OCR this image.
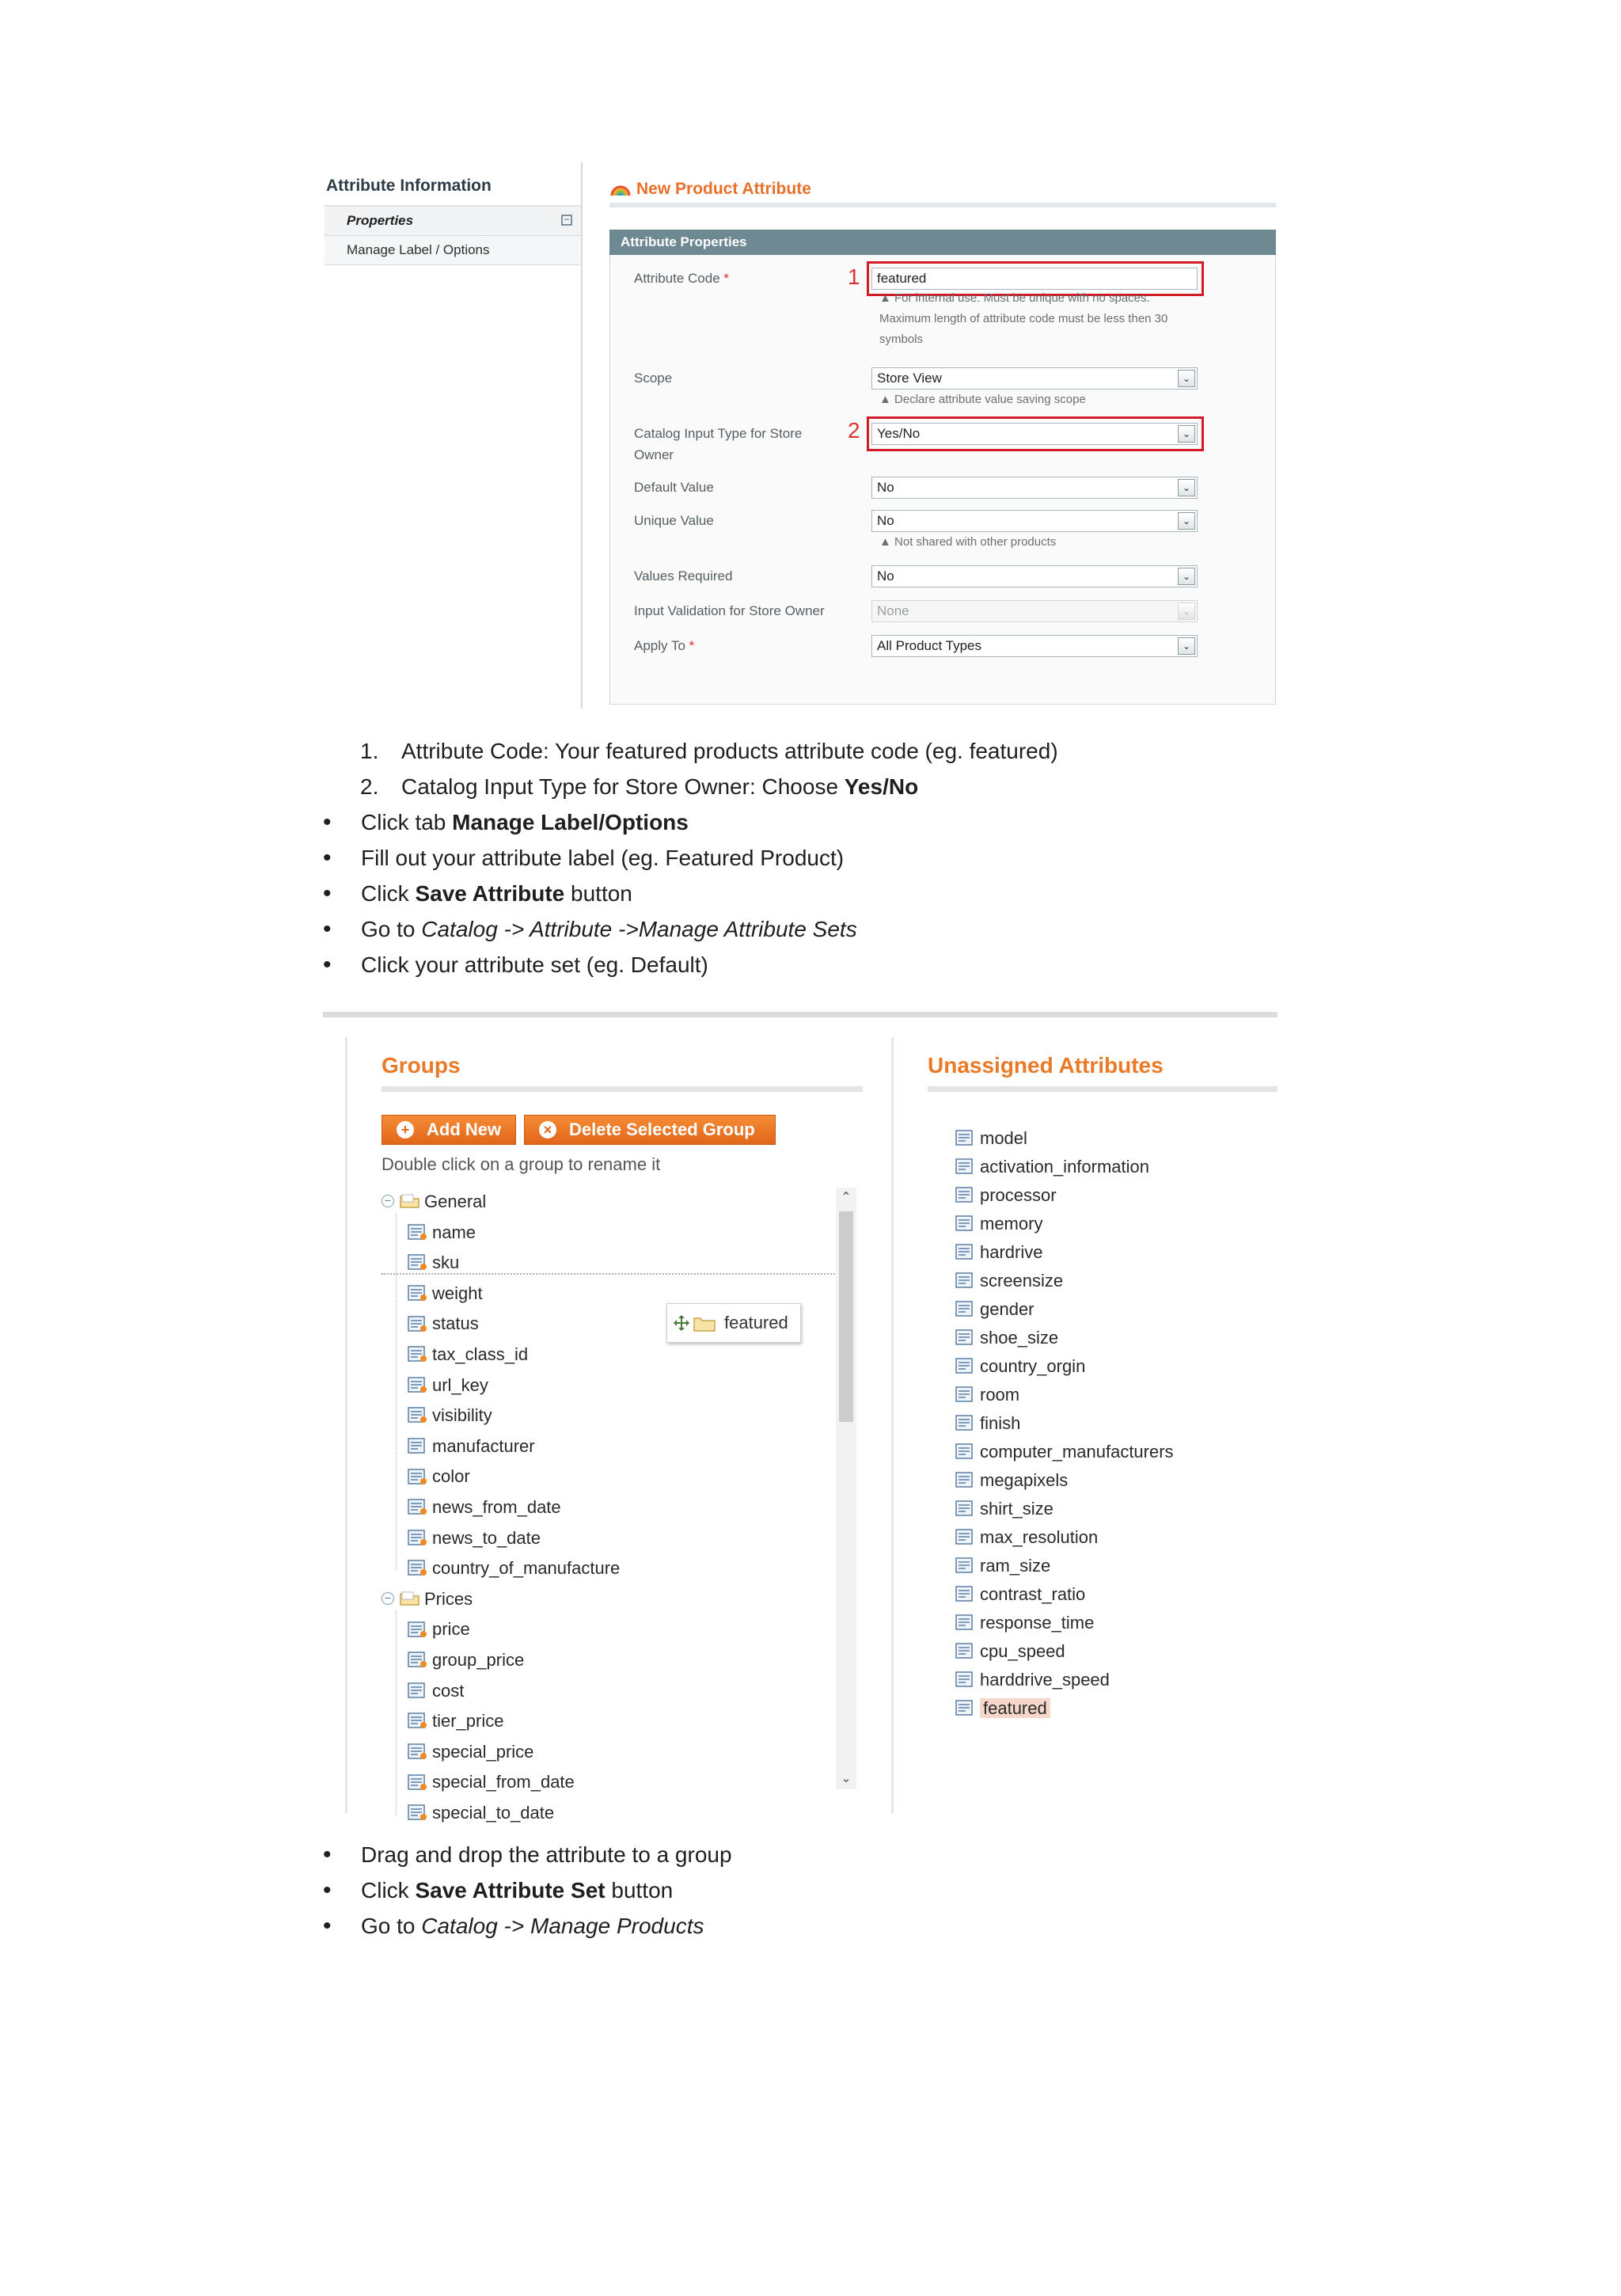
Attribute Information
Properties	−
Manage Label / Options
New Product Attribute
Attribute Properties
Attribute Code *	1	featured
▲ For internal use. Must be unique with no spaces.
Maximum length of attribute code must be less then 30
symbols
Scope	Store View	⌄
▲ Declare attribute value saving scope
Catalog Input Type for Store Owner
2	Yes/No	⌄
Default Value	No	⌄
Unique Value	No	⌄
▲ Not shared with other products
Values Required	No	⌄
Input Validation for Store Owner	None	⌄
Apply To *	All Product Types	⌄
1. Attribute Code: Your featured products attribute code (eg. featured)
2. Catalog Input Type for Store Owner: Choose Yes/No
• Click tab Manage Label/Options
• Fill out your attribute label (eg. Featured Product)
• Click Save Attribute button
• Go to Catalog -> Attribute ->Manage Attribute Sets
• Click your attribute set (eg. Default)
Groups
+ Add New	× Delete Selected Group
Double click on a group to rename it
− General
name
sku
weight
status
tax_class_id
url_key
visibility
manufacturer
color
news_from_date
news_to_date
country_of_manufacture
− Prices
price
group_price
cost
tier_price
special_price
special_from_date
special_to_date
featured
⌃
⌄
Unassigned Attributes
model
activation_information
processor
memory
hardrive
screensize
gender
shoe_size
country_orgin
room
finish
computer_manufacturers
megapixels
shirt_size
max_resolution
ram_size
contrast_ratio
response_time
cpu_speed
harddrive_speed
featured
• Drag and drop the attribute to a group
• Click Save Attribute Set button
• Go to Catalog -> Manage Products
